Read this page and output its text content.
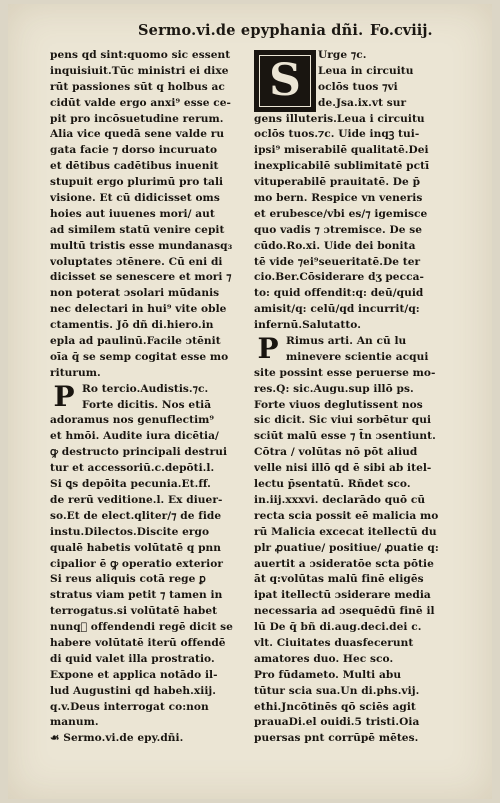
Sermo.vi.de epyphania dñi. Fo.cviij.
pens qd sint:quomo sic essent
inquisiuit.Tūc ministri ei dixe
rūt passiones sūt q holbus ac
cidūt valde ergo anxi⁹ esse ce-
pit pro incōsuetudine rerum.
Alia vice quedā sene valde ru
gata facie ⁊ dorso incuruato
et dētibus cadētibus inuenit
stupuit ergo plurimū pro tali
visione. Et cū didicisset oms
hoies aut iuuenes mori/ aut
ad similem statū venire cepit
multū tristis esse mundanasq₃
voluptates ɔtēnere. Cū eni di
dicisset se senescere et mori ⁊
non poterat ɔsolari mūdanis
nec delectari in hui⁹ vite oble
ctamentis. Jō dñ di.hiero.in
epla ad paulinū.Facile ɔtēnit
oīa q̄ se semp cogitat esse mo
riturum.
P Ro tercio.Audistis.⁊c.
Forte dicitis. Nos etiā
adoramus nos genuflectim⁹
et hmōi. Audite iura dicētia/
ꝙ destructo principali destrui
tur et accessoriū.c.depōti.l.
Si ꝗs depōita pecunia.Et.ff.
de rerū veditione.l. Ex diuer-
so.Et de elect.qliter/⁊ de fide
instu.Dilectos.Discite ergo
qualē habetis volūtatē q pnn
cipalior ē ꝙ operatio exterior
Si reus aliquis cotā rege ꝑ
stratus viam petit ⁊ tamen in
terrogatus.si volūtatē habet
nunqᷓ offendendi regē dicit se
habere volūtatē iterū offendē
di quid valet illa prostratio.
Expone et applica notādo il-
lud Augustini qd habeh.xiij.
q.v.Deus interrogat co:non
manum.
☙ Sermo.vi.de epy.dñi.
S	Urge ⁊c.
Leua in circuitu
oclōs tuos ⁊vi
de.Jsa.ix.vt sur
gens illuteris.Leua i circuitu
oclōs tuos.⁊c. Uide inqꝫ tui-
ipsi⁹ miserabilē qualitatē.Dei
inexplicabilē sublimitatē pctī
vituperabilē prauitatē. De p̄
mo bern. Respice vn veneris
et erubesce/vbi es/⁊ igemisce
quo vadis ⁊ ɔtremisce. De se
cūdo.Ro.xi. Uide dei bonita
tē vide ⁊ei⁹seueritatē.De ter
cio.Ber.Cōsiderare dʒ pecca-
to: quid offendit:q: deū/quid
amisit/q: celū/qd incurrit/q:
infernū.Salutatto.
P Rimus arti. An cū lu
minevere scientie acqui
site possint esse peruerse mo-
res.Q: sic.Augu.sup illō ps.
Forte viuos deglutissent nos
sic dicit. Sic viui sorbētur qui
sciūt malū esse ⁊ t̄n ɔsentiunt.
Cōtra / volūtas nō pōt aliud
velle nisi illō qd ē sibi ab itel-
lectu p̄sentatū. Rñdet sco.
in.iij.xxxvi. declarādo quō cū
recta scia possit eē malicia mo
rū Malicia excecat itellectū du
plr ꝓuatiue/ positiue/ ꝓuatie q:
auertit a ɔsideratōe scta pōtie
āt q:volūtas malū finē eligēs
ipat itellectū ɔsiderare media
necessaria ad ɔsequēdū finē il
lū De q̄ bñ di.aug.deci.dei c.
vlt. Ciuitates duasfecerunt
amatores duo. Hec sco.
Pro fūdameto. Multi abu
tūtur scia sua.Un di.phs.vij.
ethi.Jncōtinēs qō sciēs agit
prauaDi.el ouidi.5 tristi.Oia
puersas pnt corrūpē mētes.
